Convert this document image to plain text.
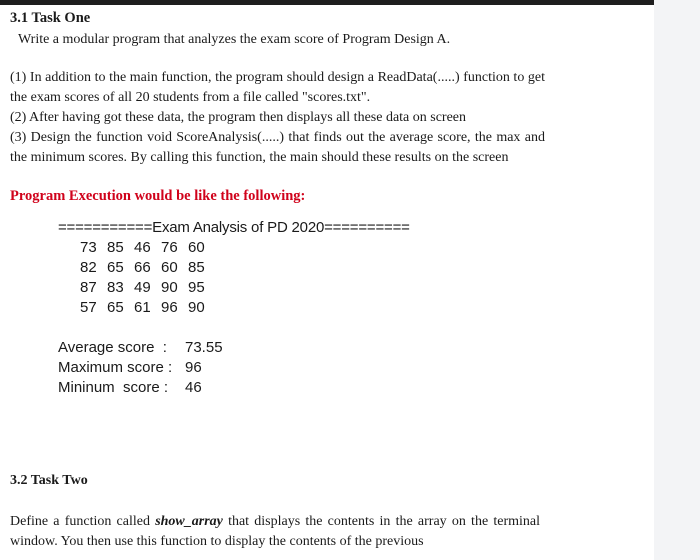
3.1 Task One
Write a modular program that analyzes the exam score of Program Design A.

(1) In addition to the main function, the program should design a ReadData(.....) function to get the exam scores of all 20 students from a file called "scores.txt".

(2) After having got these data, the program then displays all these data on screen

(3) Design the function void ScoreAnalysis(.....) that finds out the average score, the max and the minimum scores. By calling this function, the main should these results on the screen

Program Execution would be like the following:
===========Exam Analysis of PD 2020==========
73 85 46 76 60
82 65 66 60 85
87 83 49 90 95
57 65 61 96 90
Average score  :	73.55
Maximum score : 96
Mininum  score :	46
3.2 Task Two
Define a function called show_array that displays the contents in the array on the terminal window. You then use this function to display the contents of the previous
